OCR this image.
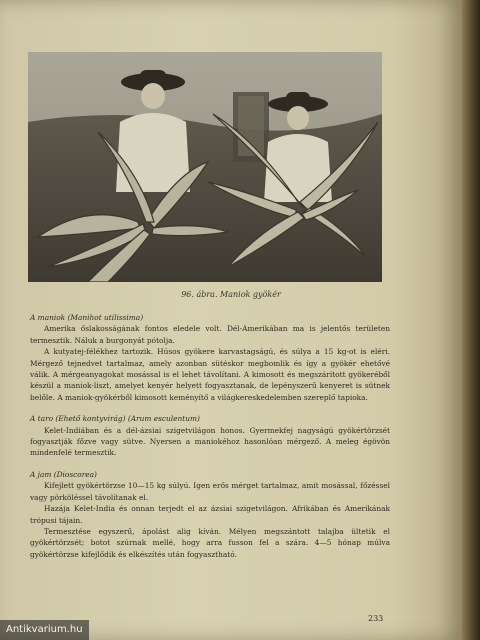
96. ábra. Maniok gyökér

A maniok (Manihot utilissima)

Amerika őslakosságának fontos eledele volt. Dél-Amerikában ma is jelentős területen termesztik. Náluk a burgonyát pótolja.

A kutyatej-félékhez tartozik. Húsos gyökere karvastagságú, és súlya a 15 kg-ot is eléri. Mérgező tejnedvet tartalmaz, amely azonban sütéskor megbomlik és így a gyökér ehetővé válik. A mérgeanyagokat mosással is el lehet távolítani. A kimosott és megszárított gyökeréből készül a maniok-liszt, amelyet kenyér helyett fogyasztanak, de lepényszerű kenyeret is sütnek belőle. A maniok-gyökérből kimosott keményítő a világkereskedelemben szereplő tapioka.

A taro (Ehető kontyvirág) (Arum esculentum)

Kelet-Indiában és a dél-ázsiai szigetvilágon honos. Gyermekfej nagyságú gyökértörzsét fogyasztják főzve vagy sütve. Nyersen a maniokéhoz hasonlóan mérgező. A meleg égövön mindenfelé termesztik.

A jam (Dioscorea)

Kifejlett gyökértörzse 10—15 kg súlyú. Igen erős mérget tartalmaz, amit mosással, főzéssel vagy pörköléssel távolítanak el.

Hazája Kelet-India és onnan terjedt el az ázsiai szigetvilágon. Afrikában és Amerikának trópusi tájain.

Termesztése egyszerű, ápolást alig kíván. Mélyen megszántott talajba ültetik el gyökértörzsét; botot szúrnak mellé, hogy arra fusson fel a szára. 4—5 hónap múlva gyökértörzse kifejlődik és elkészítés után fogyasztható.

233
Antikvarium.hu
